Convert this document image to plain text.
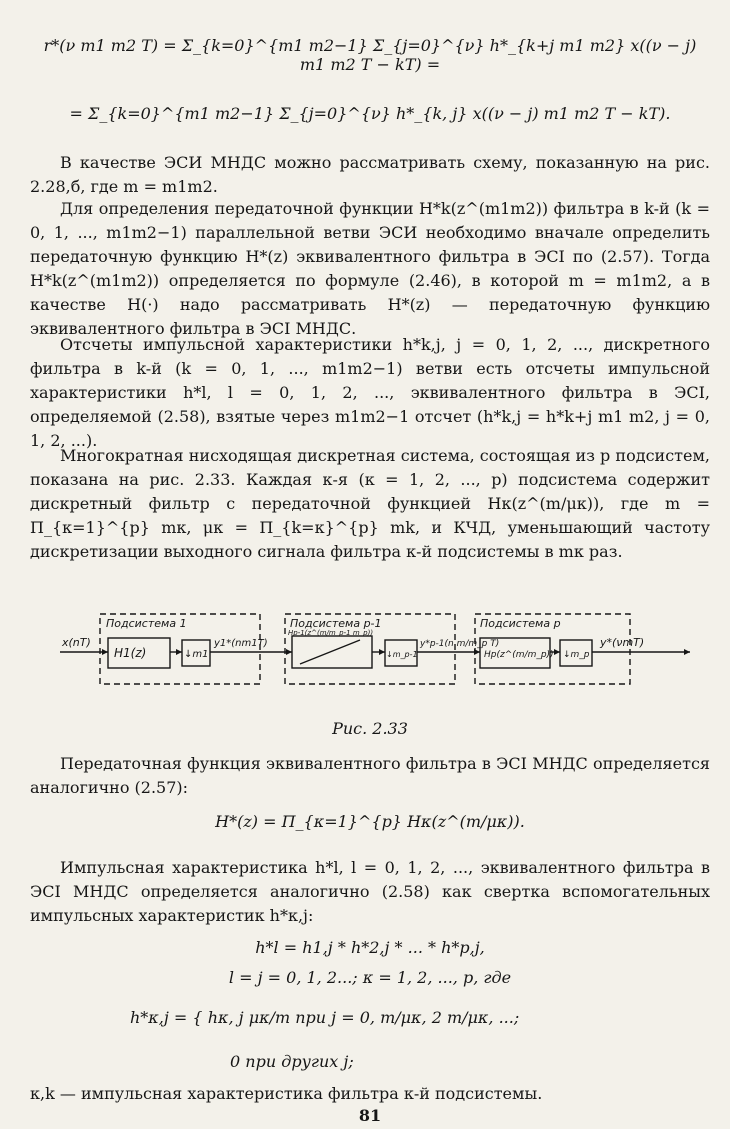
r*(ν m1 m2 T) = Σ_{k=0}^{m1 m2−1} Σ_{j=0}^{ν} h*_{k+j m1 m2} x((ν − j) m1 m2 T − kT) =
= Σ_{k=0}^{m1 m2−1} Σ_{j=0}^{ν} h*_{k, j} x((ν − j) m1 m2 T − kT).
В качестве ЭСИ МНДС можно рассматривать схему, показанную на рис. 2.28,б, где m = m1m2.
Для определения передаточной функции H*k(z^(m1m2)) фильтра в k-й (k = 0, 1, ..., m1m2−1) параллельной ветви ЭСИ необходимо вначале определить передаточную функцию H*(z) эквивалентного фильтра в ЭСI по (2.57). Тогда H*k(z^(m1m2)) определяется по формуле (2.46), в которой m = m1m2, а в качестве H(·) надо рассматривать H*(z) — передаточную функцию эквивалентного фильтра в ЭСI МНДС.
Отсчеты импульсной характеристики h*k,j, j = 0, 1, 2, ..., дискретного фильтра в k-й (k = 0, 1, ..., m1m2−1) ветви есть отсчеты импульсной характеристики h*l, l = 0, 1, 2, ..., эквивалентного фильтра в ЭСI, определяемой (2.58), взятые через m1m2−1 отсчет (h*k,j = h*k+j m1 m2, j = 0, 1, 2, ...).
Многократная нисходящая дискретная система, состоящая из p подсистем, показана на рис. 2.33. Каждая κ-я (κ = 1, 2, ..., p) подсистема содержит дискретный фильтр с передаточной функцией Hκ(z^(m/μκ)), где m = Π_{κ=1}^{p} mκ, μκ = Π_{k=κ}^{p} mk, и КЧД, уменьшающий частоту дискретизации выходного сигнала фильтра κ-й подсистемы в mκ раз.
x(nT)
Подсистема 1
H1(z)	↓m1
y1*(nm1T)
Подсистема p-1
Hp-1(z^(m/m_p-1 m_p))
↓m_p-1
y*p-1(n m/m_p T)
Подсистема p
Hp(z^(m/m_p)) ↓m_p
y*(νmT)
Рис. 2.33
Передаточная функция эквивалентного фильтра в ЭСI МНДС определяется аналогично (2.57):
H*(z) = Π_{κ=1}^{p} Hκ(z^(m/μκ)).
Импульсная характеристика h*l, l = 0, 1, 2, ..., эквивалентного фильтра в ЭСI МНДС определяется аналогично (2.58) как свертка вспомогательных импульсных характеристик h*κ,j:
h*l = h1,j * h*2,j * ... * h*p,j,
l = j = 0, 1, 2...; κ = 1, 2, ..., p, где
h*κ,j = { hκ, j μκ/m при j = 0, m/μκ, 2 m/μκ, ...;
0 при других j;
κ,k — импульсная характеристика фильтра κ-й подсистемы.
81
